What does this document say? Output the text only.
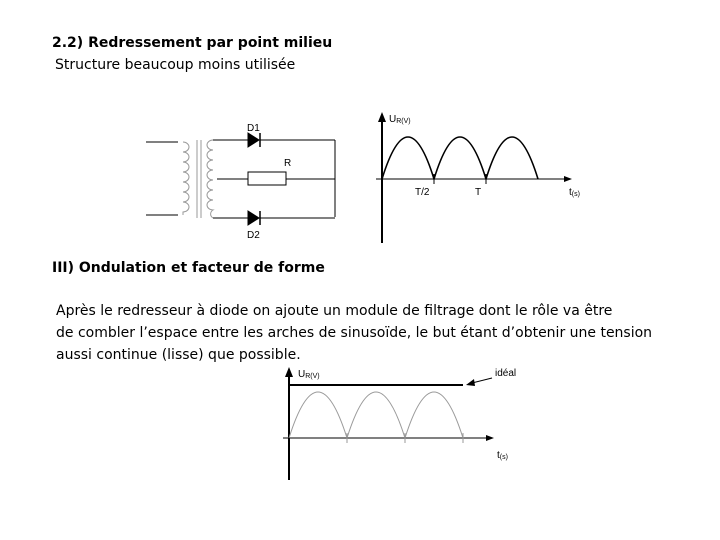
2.2) Redressement par point milieu
Structure beaucoup moins utilisée
D1
D2
R
UR(V)
T/2	T	t(s)
UR(V)	idéal
t(s)
III) Ondulation et facteur de forme
Après le redresseur à diode on ajoute un module de filtrage dont le rôle va être
de combler l’espace entre les arches de sinusoïde, le but étant d’obtenir une tension
aussi continue (lisse) que possible.
